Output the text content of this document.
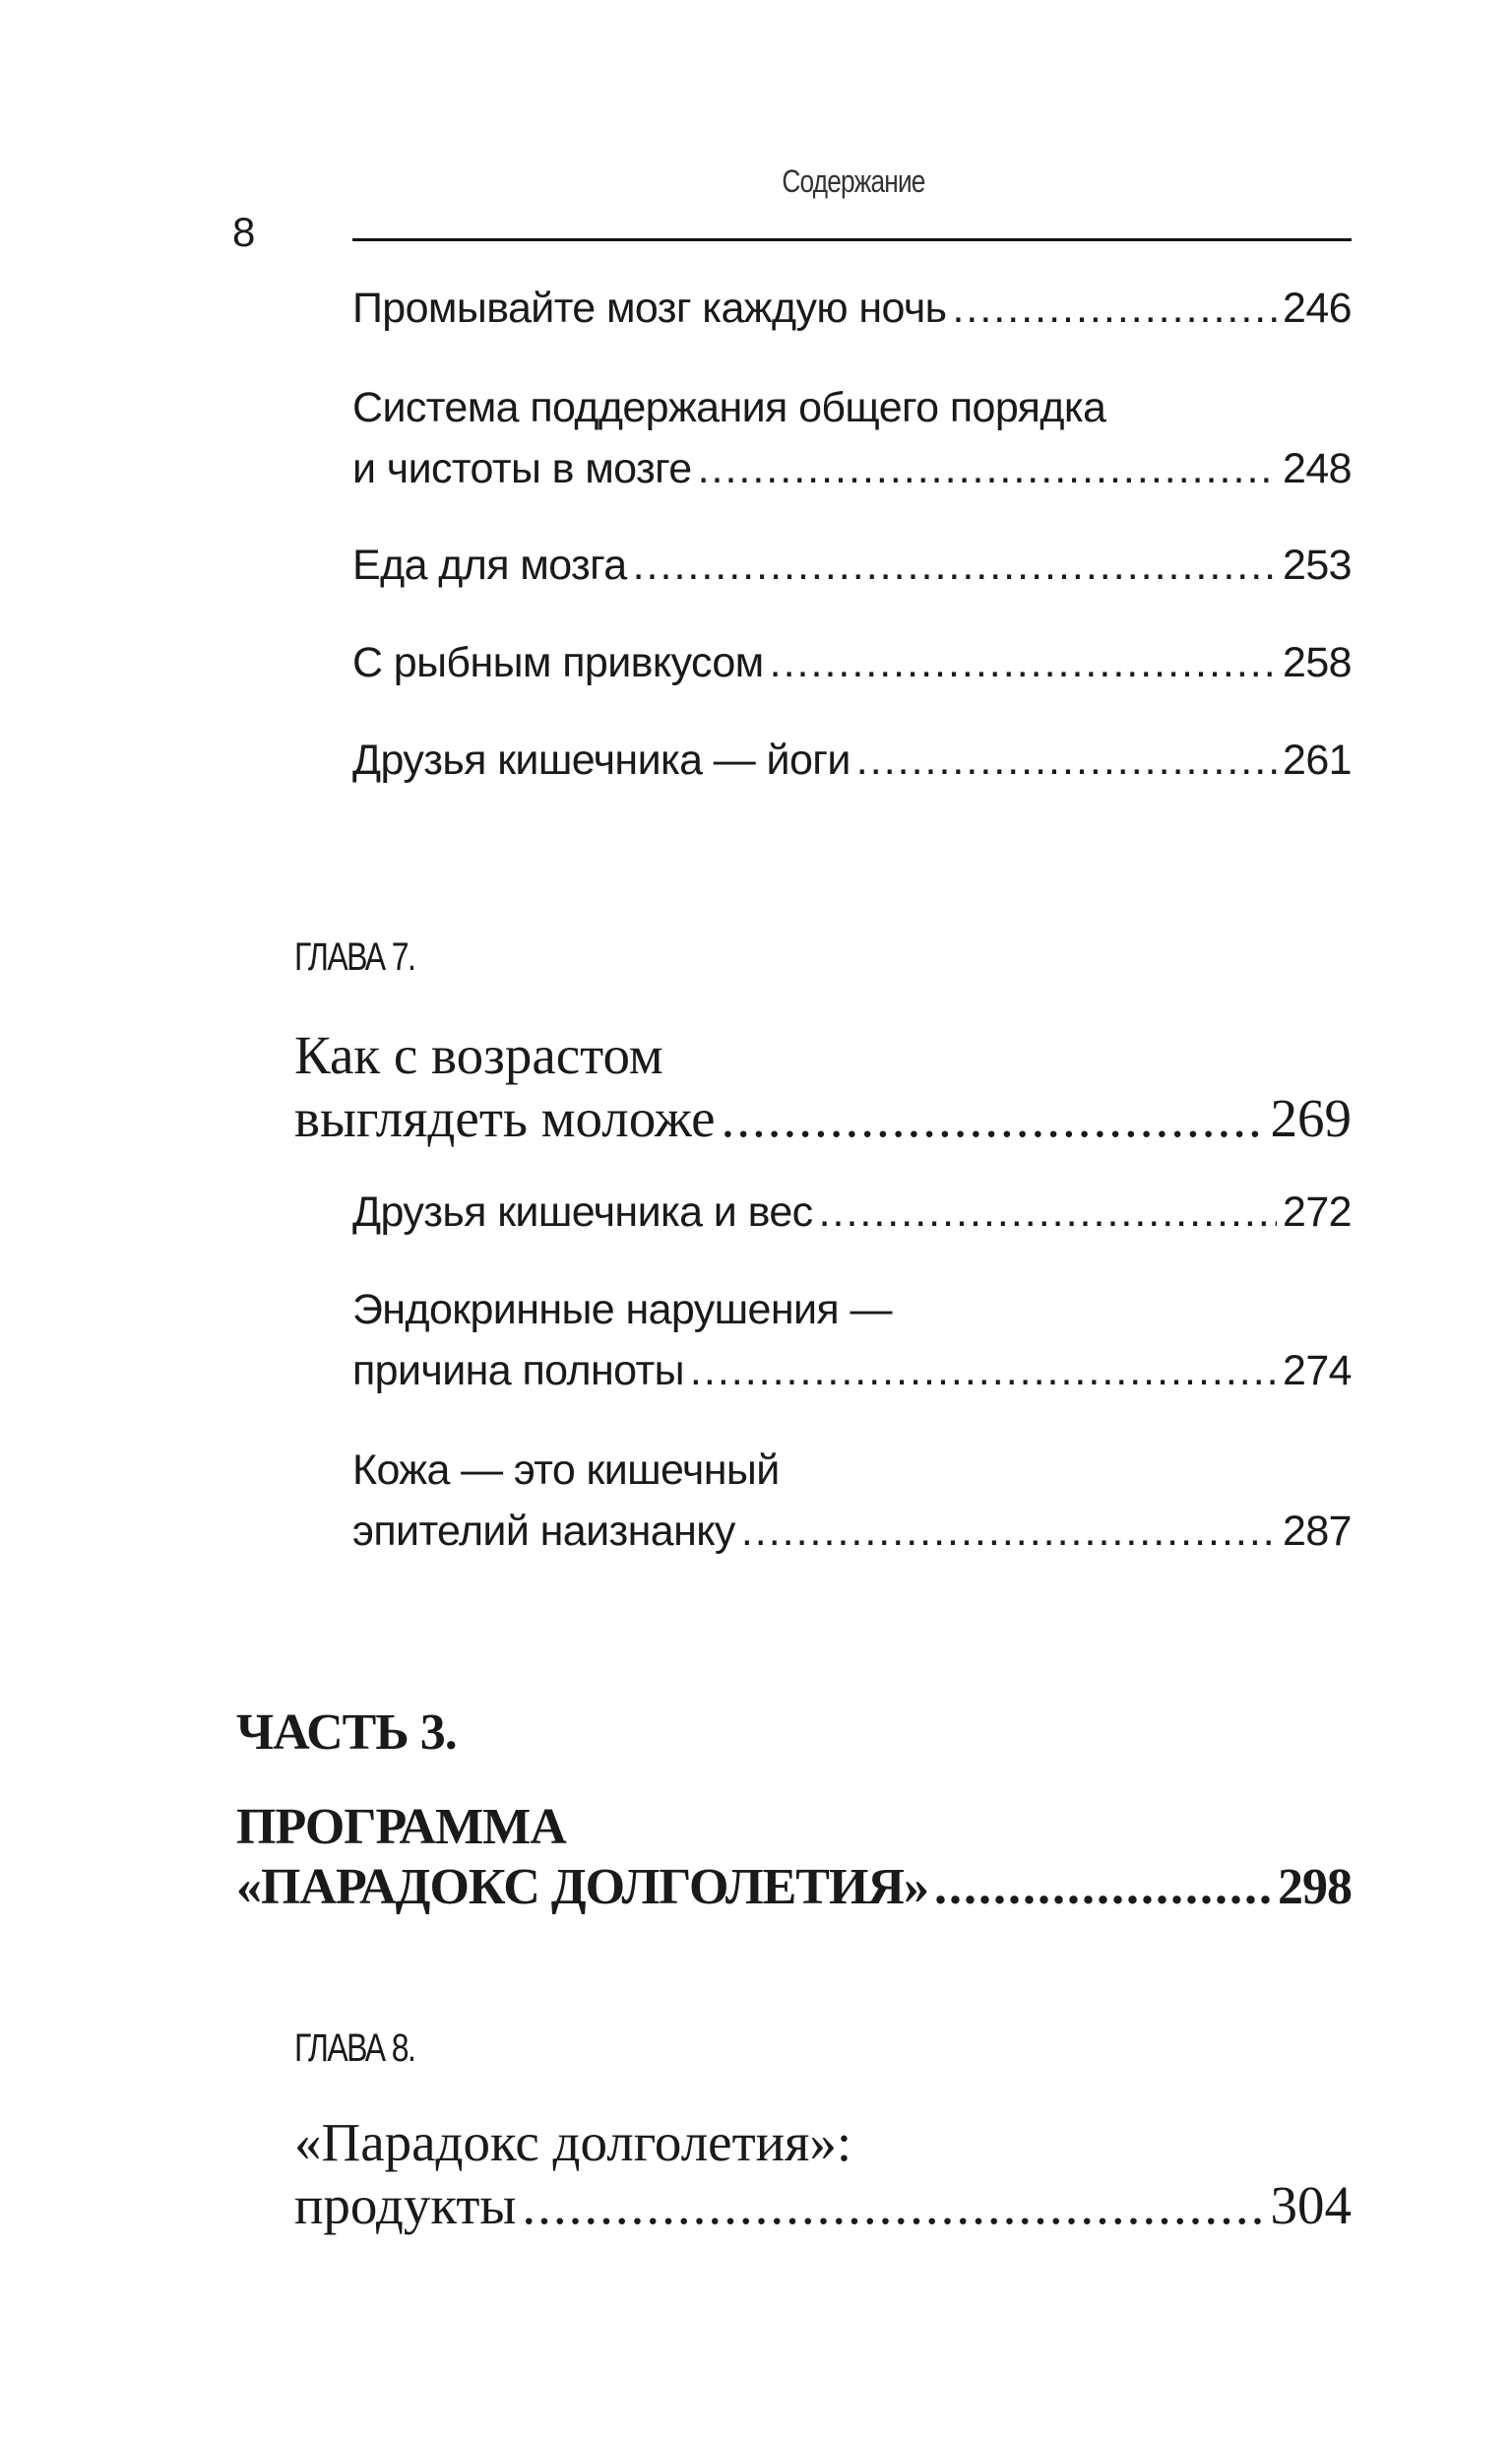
Содержание
8
Промывайте мозг каждую ночь .....	246
Система поддержания общего порядка
и чистоты в мозге .....	248
Еда для мозга .....	253
С рыбным привкусом .....	258
Друзья кишечника — йоги .....	261
ГЛАВА 7.
Как с возрастом
выглядеть моложе .....	269
Друзья кишечника и вес .....	272
Эндокринные нарушения —
причина полноты .....	274
Кожа — это кишечный
эпителий наизнанку .....	287
ЧАСТЬ 3.
ПРОГРАММА
«ПАРАДОКС ДОЛГОЛЕТИЯ» .....	298
ГЛАВА 8.
«Парадокс долголетия»:
продукты .....	304
